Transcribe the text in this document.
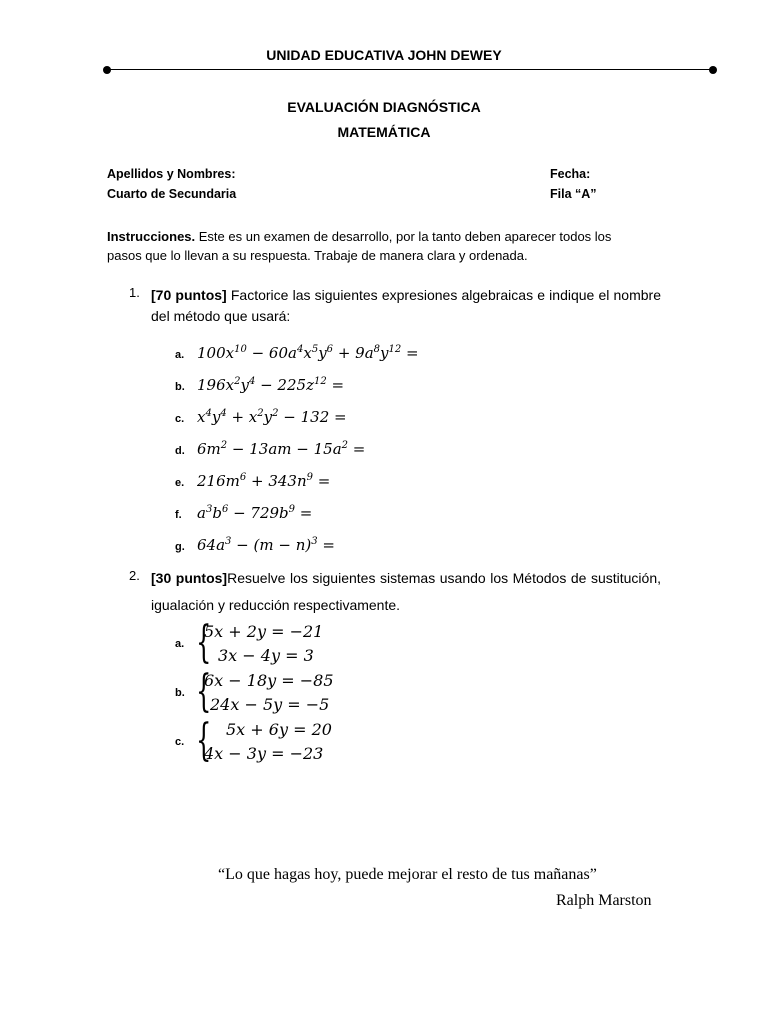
UNIDAD EDUCATIVA JOHN DEWEY
EVALUACIÓN DIAGNÓSTICA
MATEMÁTICA
Apellidos y Nombres:
Cuarto de Secundaria
Fecha:
Fila “A”
Instrucciones. Este es un examen de desarrollo, por la tanto deben aparecer todos los pasos que lo llevan a su respuesta. Trabaje de manera clara y ordenada.
1. [70 puntos] Factorice las siguientes expresiones algebraicas e indique el nombre del método que usará:
a. $100x^{10} - 60a^4x^5y^6 + 9a^8y^{12}$ =
b. $196x^2y^4 - 225z^{12}$ =
c. $x^4y^4 + x^2y^2 - 132$ =
d. $6m^2 - 13am - 15a^2$ =
e. $216m^6 + 343n^9$ =
f. $a^3b^6 - 729b^9$ =
g. $64a^3 - (m - n)^3$ =
2. [30 puntos]Resuelve los siguientes sistemas usando los Métodos de sustitución, igualación y reducción respectivamente.
a. {
5x + 2y = −21
3x − 4y = 3
b. {
6x − 18y = −85
24x − 5y = −5
c. { 5x + 6y = 20
4x − 3y = −23
“Lo que hagas hoy, puede mejorar el resto de tus mañanas”
Ralph Marston
